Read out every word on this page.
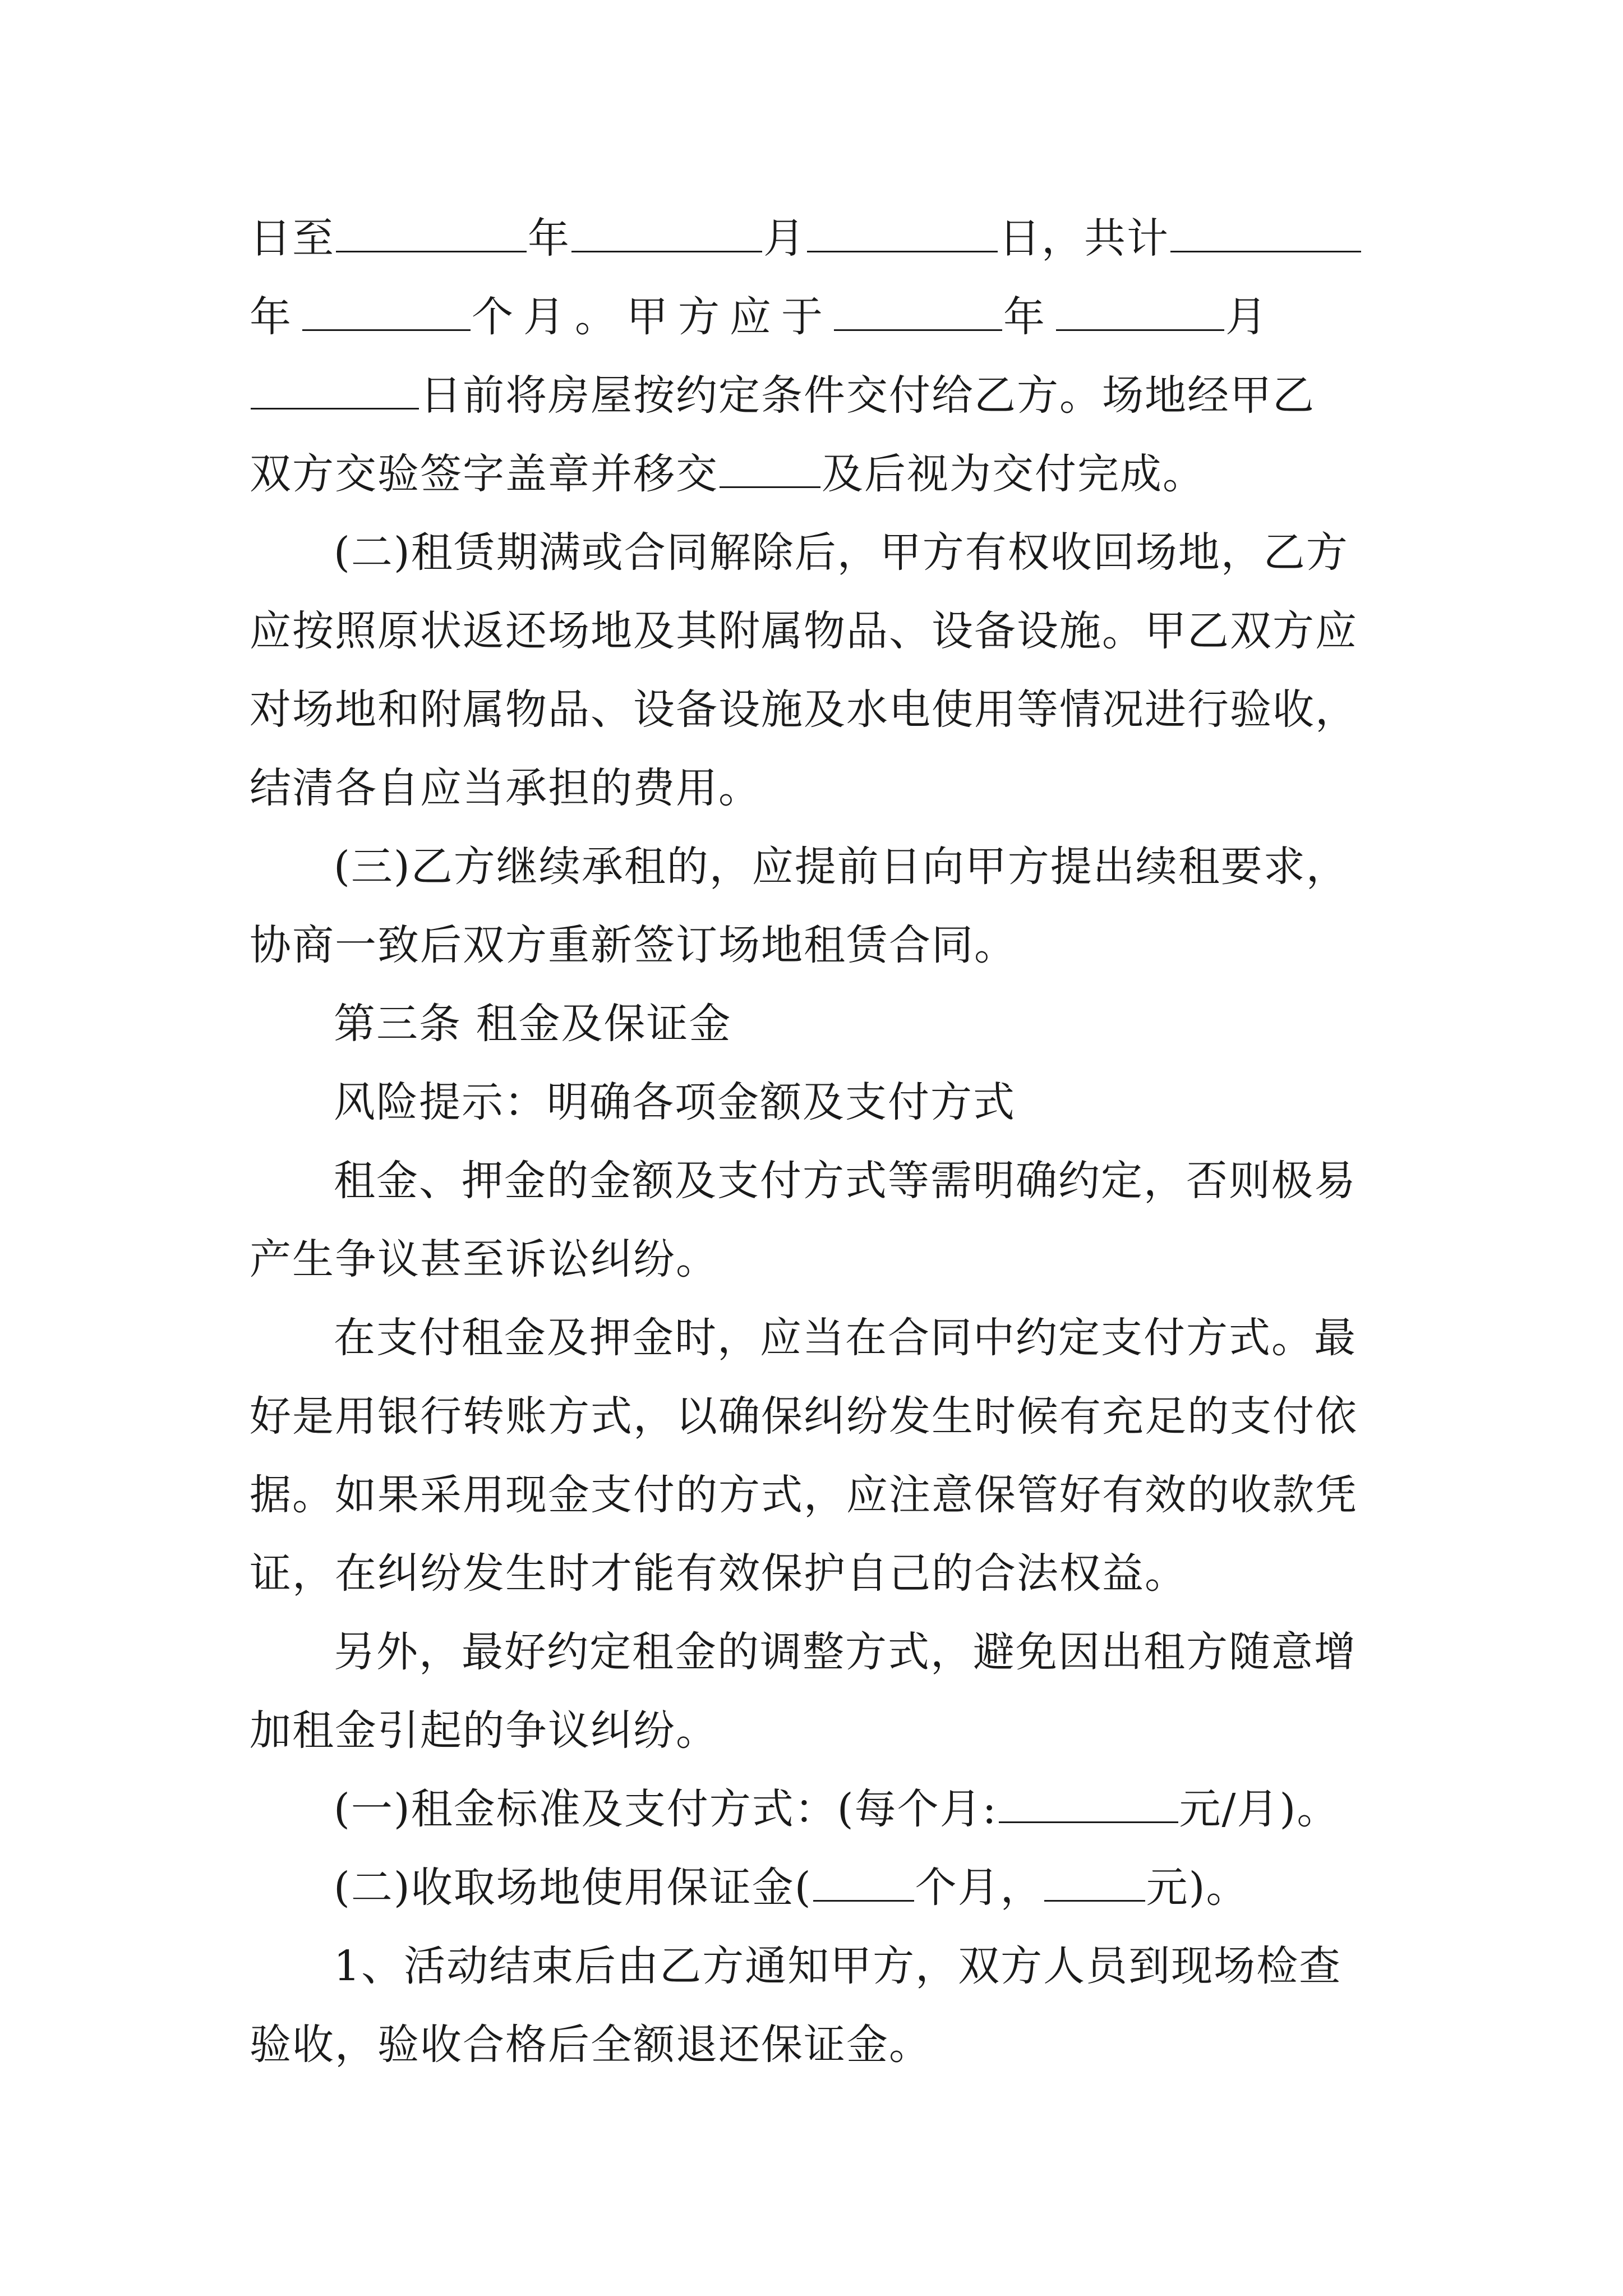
日至	年	月	日，共计
年	个月。甲方应于	年	月
日前将房屋按约定条件交付给乙方。场地经甲乙
双方交验签字盖章并移交 及后视为交付完成。
(二)租赁期满或合同解除后，甲方有权收回场地，乙方
应按照原状返还场地及其附属物品、设备设施。甲乙双方应
对场地和附属物品、设备设施及水电使用等情况进行验收，
结清各自应当承担的费用。
(三)乙方继续承租的，应提前日向甲方提出续租要求，
协商一致后双方重新签订场地租赁合同。
第三条 租金及保证金
风险提示：明确各项金额及支付方式
租金、押金的金额及支付方式等需明确约定，否则极易
产生争议甚至诉讼纠纷。
在支付租金及押金时，应当在合同中约定支付方式。最
好是用银行转账方式，以确保纠纷发生时候有充足的支付依
据。如果采用现金支付的方式，应注意保管好有效的收款凭
证，在纠纷发生时才能有效保护自己的合法权益。
另外，最好约定租金的调整方式，避免因出租方随意增
加租金引起的争议纠纷。
(一)租金标准及支付方式：(每个月:	元/月)。
(二)收取场地使用保证金( 个月， 元)。
1、活动结束后由乙方通知甲方，双方人员到现场检查
验收，验收合格后全额退还保证金。
